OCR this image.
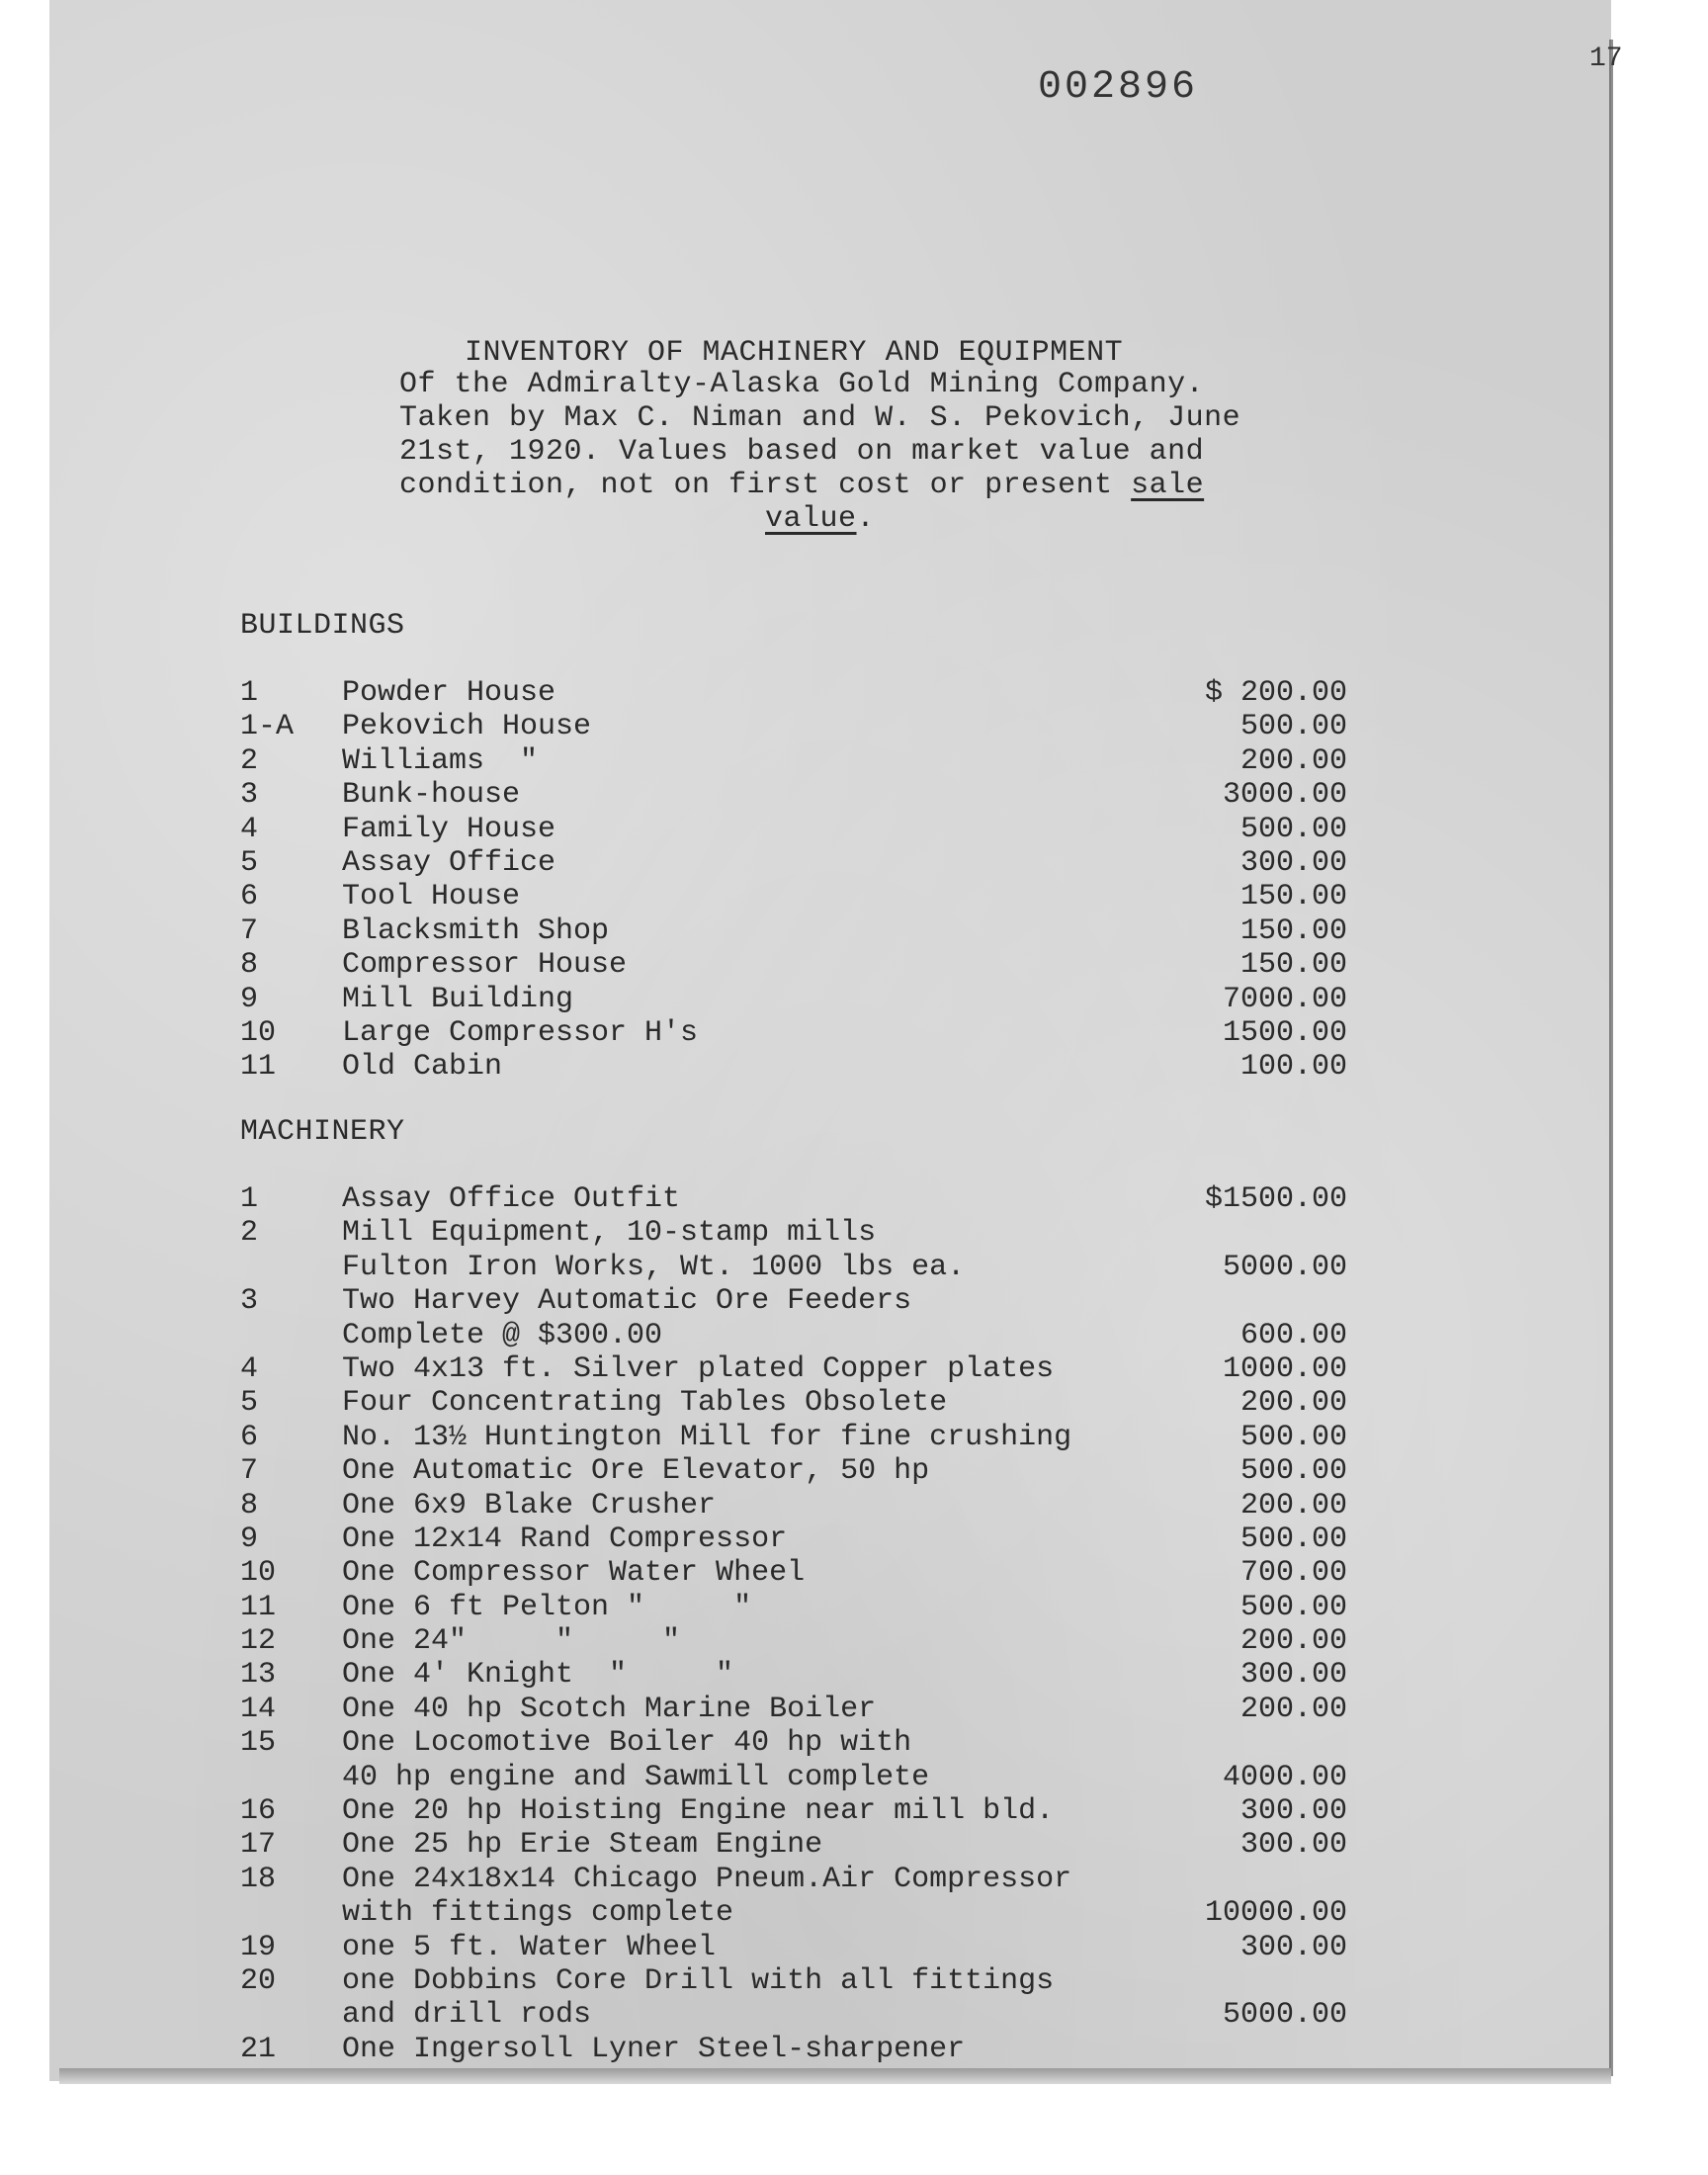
002896
17
INVENTORY OF MACHINERY AND EQUIPMENT
Of the Admiralty-Alaska Gold Mining Company.
Taken by Max C. Niman and W. S. Pekovich, June
21st, 1920. Values based on market value and
condition, not on first cost or present sale
value.
BUILDINGS
1	Powder House	$ 200.00
1-A Pekovich House	500.00
2	Williams  "	200.00
3	Bunk-house	3000.00
4	Family House	500.00
5	Assay Office	300.00
6	Tool House	150.00
7	Blacksmith Shop	150.00
8	Compressor House	150.00
9	Mill Building	7000.00
10 Large Compressor H's	1500.00
11 Old Cabin	100.00
MACHINERY
1	Assay Office Outfit	$1500.00
2	Mill Equipment, 10-stamp mills
Fulton Iron Works, Wt. 1000 lbs ea.	5000.00
3	Two Harvey Automatic Ore Feeders
Complete @ $300.00	600.00
4	Two 4x13 ft. Silver plated Copper plates	1000.00
5	Four Concentrating Tables Obsolete	200.00
6	No. 13½ Huntington Mill for fine crushing	500.00
7	One Automatic Ore Elevator, 50 hp	500.00
8	One 6x9 Blake Crusher	200.00
9	One 12x14 Rand Compressor	500.00
10 One Compressor Water Wheel	700.00
11 One 6 ft Pelton "     "	500.00
12 One 24"     "     "	200.00
13 One 4' Knight  "     "	300.00
14 One 40 hp Scotch Marine Boiler	200.00
15 One Locomotive Boiler 40 hp with
40 hp engine and Sawmill complete	4000.00
16 One 20 hp Hoisting Engine near mill bld.	300.00
17 One 25 hp Erie Steam Engine	300.00
18 One 24x18x14 Chicago Pneum.Air Compressor
with fittings complete	10000.00
19 one 5 ft. Water Wheel	300.00
20 one Dobbins Core Drill with all fittings
and drill rods	5000.00
21 One Ingersoll Lyner Steel-sharpener
